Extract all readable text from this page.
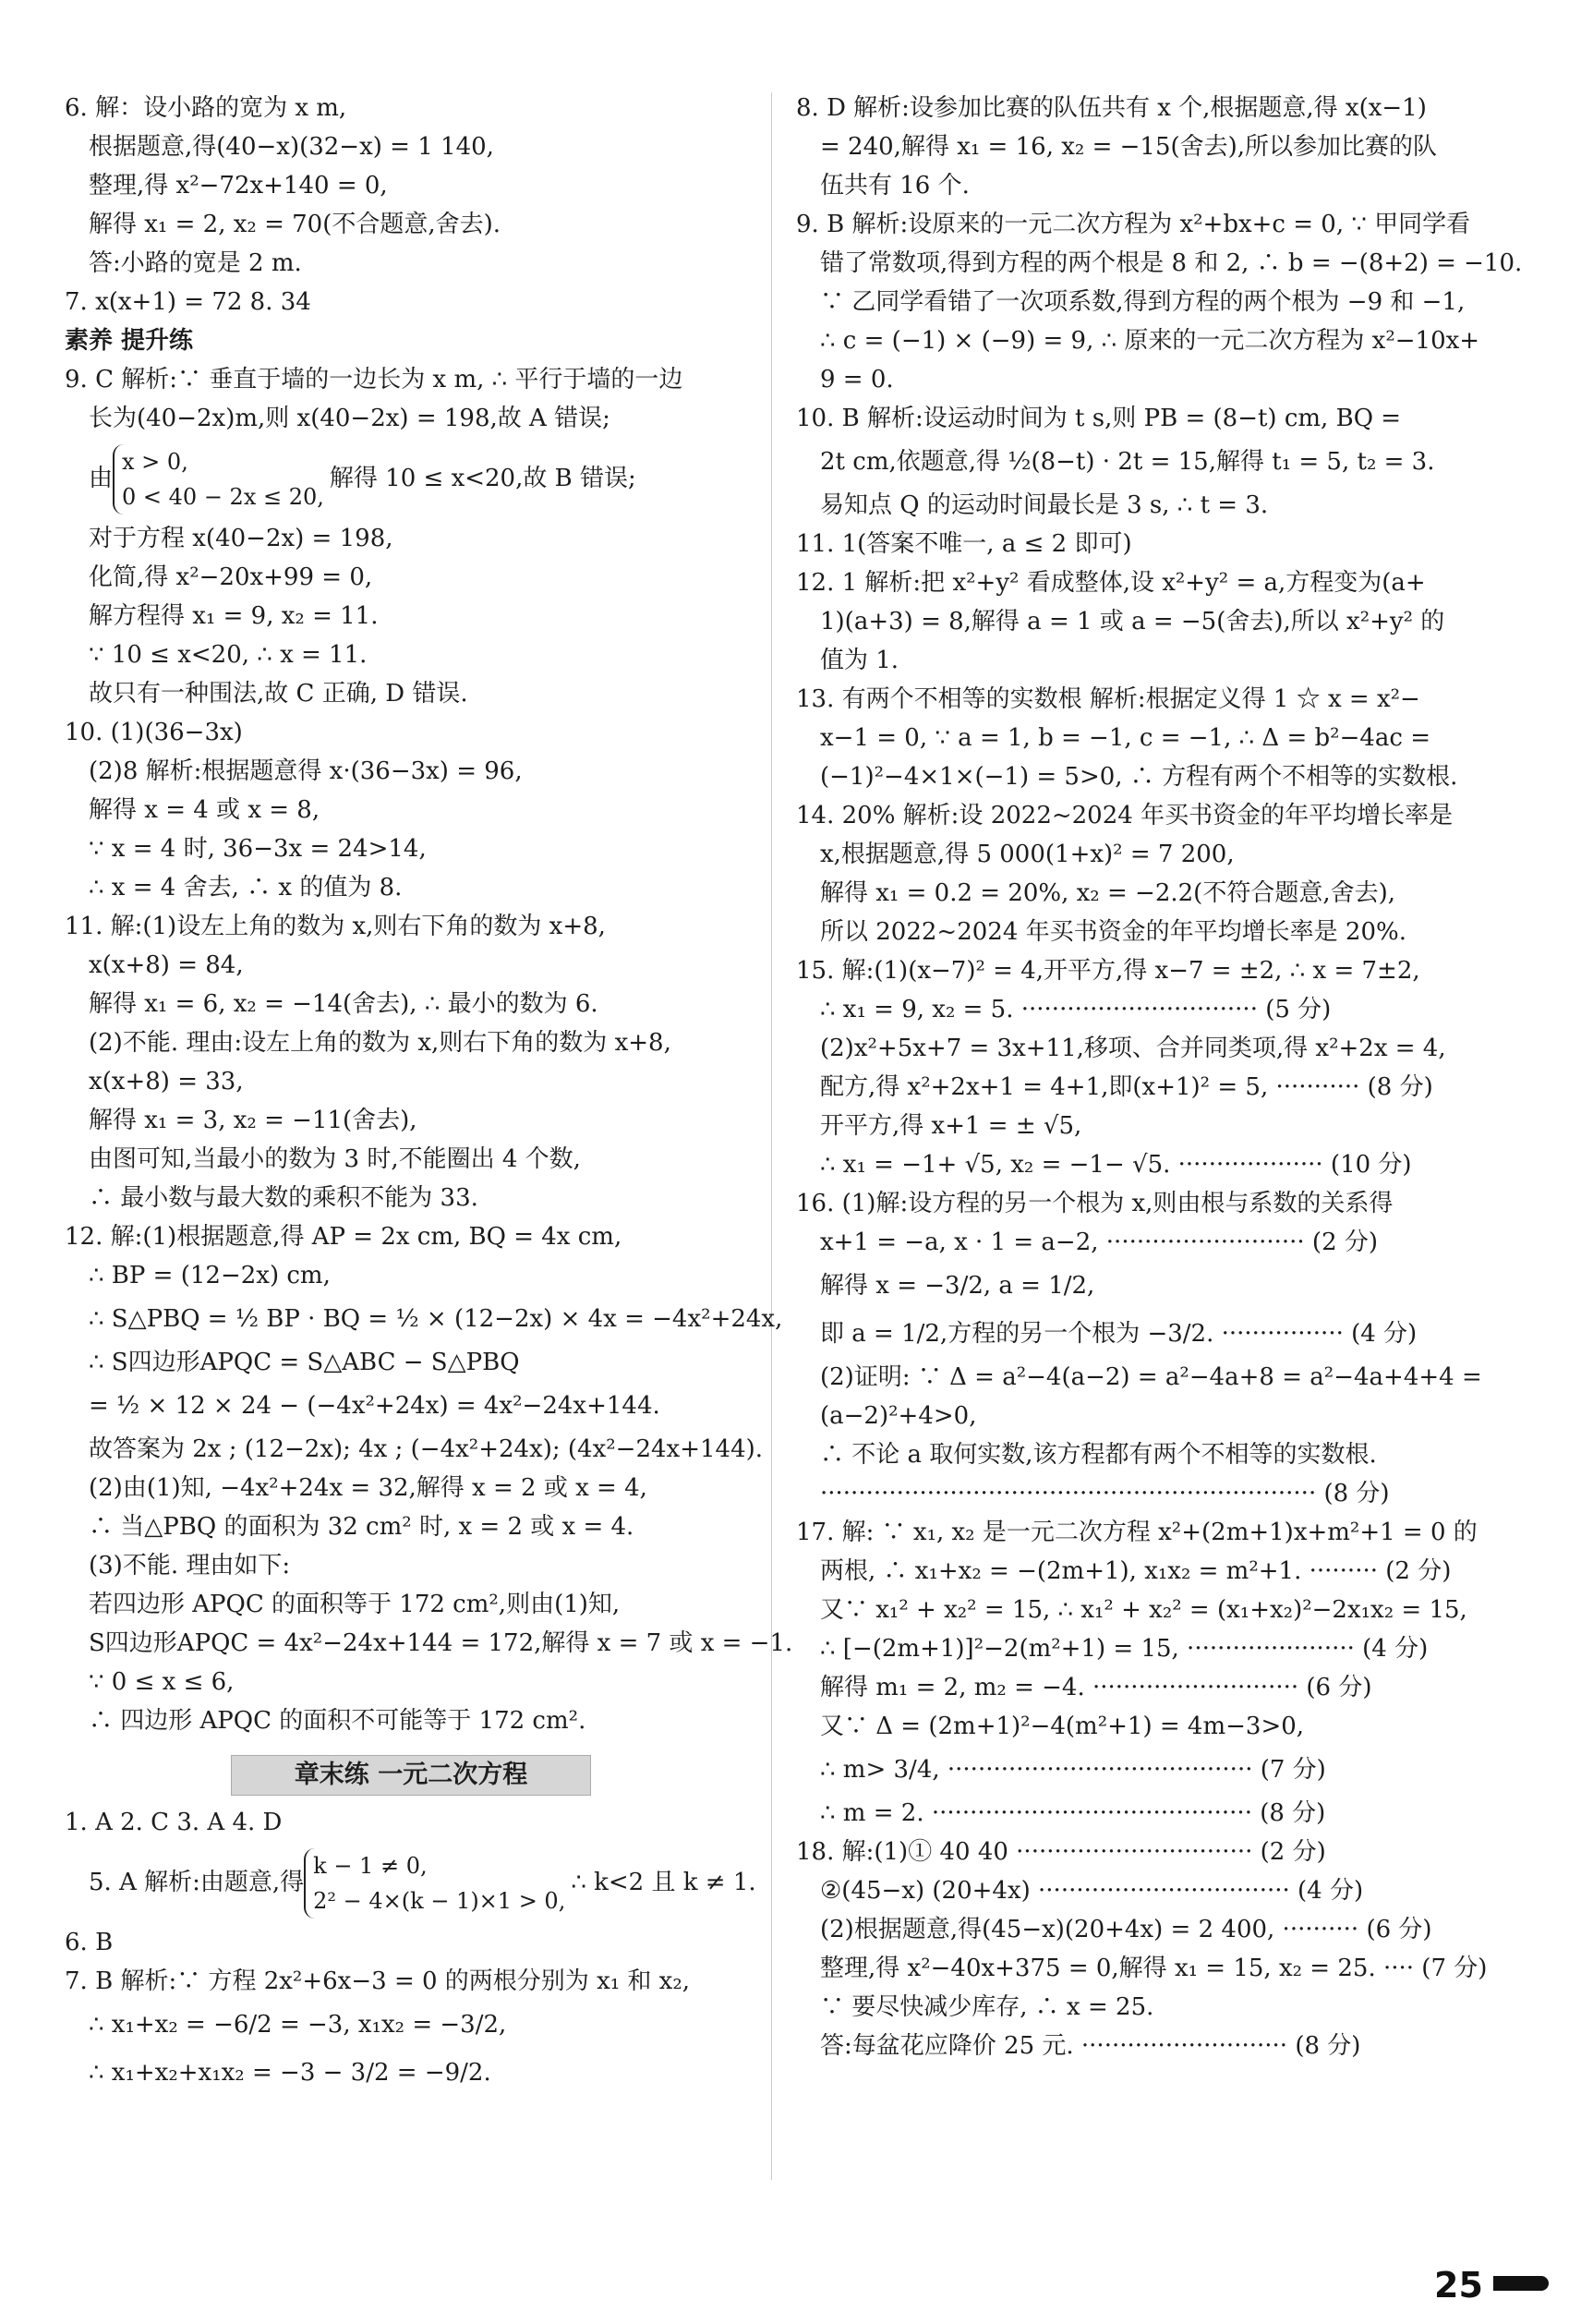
6. 解：设小路的宽为 x m,
根据题意,得(40−x)(32−x) = 1 140,
整理,得 x²−72x+140 = 0,
解得 x₁ = 2, x₂ = 70(不合题意,舍去).
答:小路的宽是 2 m.
7. x(x+1) = 72 8. 34
素养 提升练
9. C 解析:∵ 垂直于墙的一边长为 x m, ∴ 平行于墙的一边
长为(40−2x)m,则 x(40−2x) = 198,故 A 错误;
由
x > 0,
0 < 40 − 2x ≤ 20,
解得 10 ≤ x<20,故 B 错误;
对于方程 x(40−2x) = 198,
化简,得 x²−20x+99 = 0,
解方程得 x₁ = 9, x₂ = 11.
∵ 10 ≤ x<20, ∴ x = 11.
故只有一种围法,故 C 正确, D 错误.
10. (1)(36−3x)
(2)8 解析:根据题意得 x·(36−3x) = 96,
解得 x = 4 或 x = 8,
∵ x = 4 时, 36−3x = 24>14,
∴ x = 4 舍去, ∴ x 的值为 8.
11. 解:(1)设左上角的数为 x,则右下角的数为 x+8,
x(x+8) = 84,
解得 x₁ = 6, x₂ = −14(舍去), ∴ 最小的数为 6.
(2)不能. 理由:设左上角的数为 x,则右下角的数为 x+8,
x(x+8) = 33,
解得 x₁ = 3, x₂ = −11(舍去),
由图可知,当最小的数为 3 时,不能圈出 4 个数,
∴ 最小数与最大数的乘积不能为 33.
12. 解:(1)根据题意,得 AP = 2x cm, BQ = 4x cm,
∴ BP = (12−2x) cm,
∴ S△PBQ = ½ BP · BQ = ½ × (12−2x) × 4x = −4x²+24x,
∴ S四边形APQC = S△ABC − S△PBQ
= ½ × 12 × 24 − (−4x²+24x) = 4x²−24x+144.
故答案为 2x ; (12−2x); 4x ; (−4x²+24x); (4x²−24x+144).
(2)由(1)知, −4x²+24x = 32,解得 x = 2 或 x = 4,
∴ 当△PBQ 的面积为 32 cm² 时, x = 2 或 x = 4.
(3)不能. 理由如下:
若四边形 APQC 的面积等于 172 cm²,则由(1)知,
S四边形APQC = 4x²−24x+144 = 172,解得 x = 7 或 x = −1.
∵ 0 ≤ x ≤ 6,
∴ 四边形 APQC 的面积不可能等于 172 cm².
章末练 一元二次方程
1. A 2. C 3. A 4. D
5. A 解析:由题意,得
k − 1 ≠ 0,
2² − 4×(k − 1)×1 > 0,
∴ k<2 且 k ≠ 1.
6. B
7. B 解析:∵ 方程 2x²+6x−3 = 0 的两根分别为 x₁ 和 x₂,
∴ x₁+x₂ = −6/2 = −3, x₁x₂ = −3/2,
∴ x₁+x₂+x₁x₂ = −3 − 3/2 = −9/2.
8. D 解析:设参加比赛的队伍共有 x 个,根据题意,得 x(x−1)
= 240,解得 x₁ = 16, x₂ = −15(舍去),所以参加比赛的队
伍共有 16 个.
9. B 解析:设原来的一元二次方程为 x²+bx+c = 0, ∵ 甲同学看
错了常数项,得到方程的两个根是 8 和 2, ∴ b = −(8+2) = −10.
∵ 乙同学看错了一次项系数,得到方程的两个根为 −9 和 −1,
∴ c = (−1) × (−9) = 9, ∴ 原来的一元二次方程为 x²−10x+
9 = 0.
10. B 解析:设运动时间为 t s,则 PB = (8−t) cm, BQ =
2t cm,依题意,得 ½(8−t) · 2t = 15,解得 t₁ = 5, t₂ = 3.
易知点 Q 的运动时间最长是 3 s, ∴ t = 3.
11. 1(答案不唯一, a ≤ 2 即可)
12. 1 解析:把 x²+y² 看成整体,设 x²+y² = a,方程变为(a+
1)(a+3) = 8,解得 a = 1 或 a = −5(舍去),所以 x²+y² 的
值为 1.
13. 有两个不相等的实数根 解析:根据定义得 1 ☆ x = x²−
x−1 = 0, ∵ a = 1, b = −1, c = −1, ∴ Δ = b²−4ac =
(−1)²−4×1×(−1) = 5>0, ∴ 方程有两个不相等的实数根.
14. 20% 解析:设 2022~2024 年买书资金的年平均增长率是
x,根据题意,得 5 000(1+x)² = 7 200,
解得 x₁ = 0.2 = 20%, x₂ = −2.2(不符合题意,舍去),
所以 2022~2024 年买书资金的年平均增长率是 20%.
15. 解:(1)(x−7)² = 4,开平方,得 x−7 = ±2, ∴ x = 7±2,
∴ x₁ = 9, x₂ = 5. ······························· (5 分)
(2)x²+5x+7 = 3x+11,移项、合并同类项,得 x²+2x = 4,
配方,得 x²+2x+1 = 4+1,即(x+1)² = 5, ··········· (8 分)
开平方,得 x+1 = ± √5,
∴ x₁ = −1+ √5, x₂ = −1− √5. ··················· (10 分)
16. (1)解:设方程的另一个根为 x,则由根与系数的关系得
x+1 = −a, x · 1 = a−2, ·························· (2 分)
解得 x = −3/2, a = 1/2,
即 a = 1/2,方程的另一个根为 −3/2. ················ (4 分)
(2)证明: ∵ Δ = a²−4(a−2) = a²−4a+8 = a²−4a+4+4 =
(a−2)²+4>0,
∴ 不论 a 取何实数,该方程都有两个不相等的实数根.
································································· (8 分)
17. 解: ∵ x₁, x₂ 是一元二次方程 x²+(2m+1)x+m²+1 = 0 的
两根, ∴ x₁+x₂ = −(2m+1), x₁x₂ = m²+1. ········· (2 分)
又∵ x₁² + x₂² = 15, ∴ x₁² + x₂² = (x₁+x₂)²−2x₁x₂ = 15,
∴ [−(2m+1)]²−2(m²+1) = 15, ······················ (4 分)
解得 m₁ = 2, m₂ = −4. ··························· (6 分)
又∵ Δ = (2m+1)²−4(m²+1) = 4m−3>0,
∴ m> 3/4, ········································ (7 分)
∴ m = 2. ·········································· (8 分)
18. 解:(1)① 40 40 ······························· (2 分)
②(45−x) (20+4x) ································· (4 分)
(2)根据题意,得(45−x)(20+4x) = 2 400, ·········· (6 分)
整理,得 x²−40x+375 = 0,解得 x₁ = 15, x₂ = 25. ···· (7 分)
∵ 要尽快减少库存, ∴ x = 25.
答:每盆花应降价 25 元. ··························· (8 分)
25
